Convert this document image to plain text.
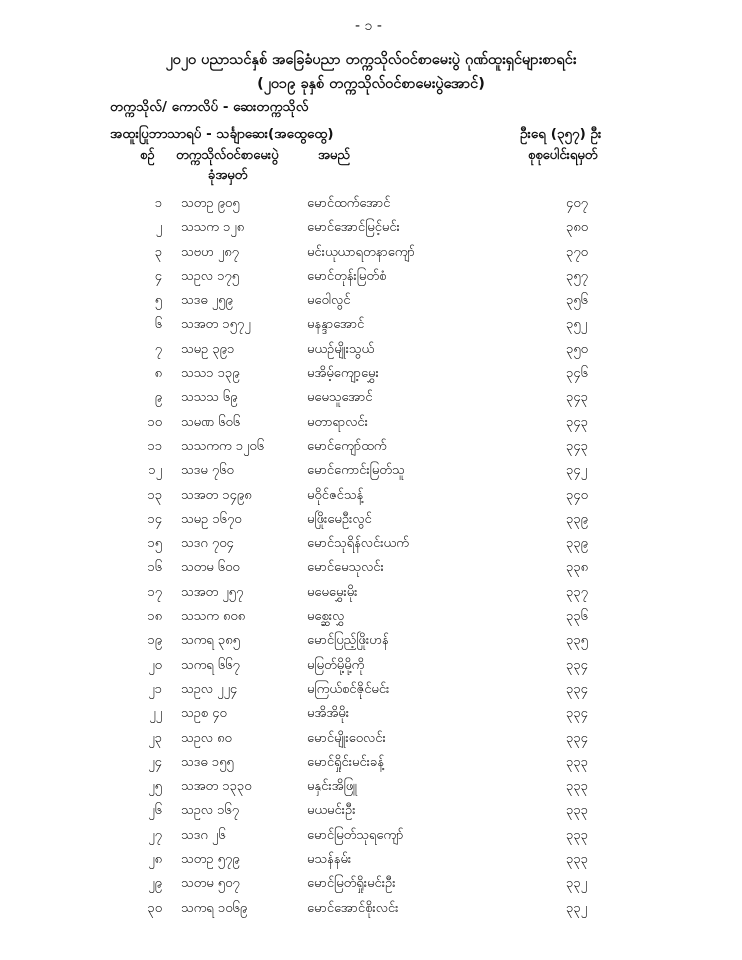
- ၁ -
၂၀၂၀ ပညာသင်နှစ် အခြေခံပညာ တက္ကသိုလ်ဝင်စာမေးပွဲ ဂုဏ်ထူးရှင်များစာရင်း
(၂၀၁၉ ခုနှစ် တက္ကသိုလ်ဝင်စာမေးပွဲအောင်)
တက္ကသိုလ်/ ကောလိပ် - ဆေးတက္ကသိုလ်
အထူးပြုဘာသာရပ် - သင်္ချာဆေး(အထွေထွေ)	ဦးရေ (၃၅၇) ဦး
စဉ် တက္ကသိုလ်ဝင်စာမေးပွဲ
ခုံအမှတ်
အမည်	စုစုပေါင်းရမှတ်
၁ သတဥ ၉၀၅	မောင်ထက်အောင်	၄၀၇
၂ သသက ၁၂၈	မောင်အောင်မြင့်မင်း	၃၈၀
၃ သဗဟ ၂၈၇	မင်းယုယာရတနာကျော်	၃၇၀
၄ သဥလ ၁၇၅	မောင်တုန်းမြတ်စံ	၃၅၇
၅ သဒဓ ၂၅၉	မဝေါလွင်	၃၅၆
၆ သအတ ၁၅၇၂	မနန္ဒာအောင်	၃၅၂
၇ သမဥ ၃၉၁	မယဉ်မျိုးသွယ်	၃၅၀
၈ သသ၁ ၁၃၉	မအိမ့်ကျော့မွှေး	၃၄၆
၉ သသသ ၆၉	မမေသူအောင်	၃၄၃
၁၀ သမဏ ၆၀၆	မတာရာလင်း	၃၄၃
၁၁ သသကက ၁၂၀၆	မောင်ကျော်ထက်	၃၄၃
၁၂ သဒမ ၇၆၀	မောင်ကောင်းမြတ်သူ	၃၄၂
၁၃ သအတ ၁၄၉၈	မဝိုင်ဇင်သန့်	၃၄၀
၁၄ သမဥ ၁၆၇၀	မဖြိုးမေဦးလွင်	၃၃၉
၁၅ သဒဂ ၇၀၄	မောင်သုရိန်လင်းယက်	၃၃၉
၁၆ သတမ ၆၀၀	မောင်မေသုလင်း	၃၃၈
၁၇ သအတ ၂၅၇	မမေမွှေးမိုး	၃၃၇
၁၈ သသက ၈၀၈	မစ္ဆေးလွှ	၃၃၆
၁၉ သကရ ၃၈၅	မောင်ပြည့်ဖြိုးဟန်	၃၃၅
၂၀ သကရ ၆၆၇	မမြတ်မို့မို့ကို	၃၃၄
၂၁ သဥလ ၂၂၄	မကြယ်စင်ဇိုင်မင်း	၃၃၄
၂၂ သဥစ ၄၀	မအိအိမိုး	၃၃၄
၂၃ သဥလ ၈၀	မောင်မျိုးဝေလင်း	၃၃၄
၂၄ သဒဓ ၁၅၅	မောင်ရှိုင်းမင်းခန့်	၃၃၃
၂၅ သအတ ၁၃၃၀	မနှင်းအိဖြူ	၃၃၃
၂၆ သဥလ ၁၆၇	မယမင်းဦး	၃၃၃
၂၇ သဒဂ ၂၆	မောင်မြတ်သုရကျော်	၃၃၃
၂၈ သတဥ ၅၇၉	မသန်နမ်း	၃၃၃
၂၉ သတမ ၅၀၇	မောင်မြတ်ရှိုးမင်းဦး	၃၃၂
၃၀ သကရ ၁၀၆၉	မောင်အောင်စိုးလင်း	၃၃၂
